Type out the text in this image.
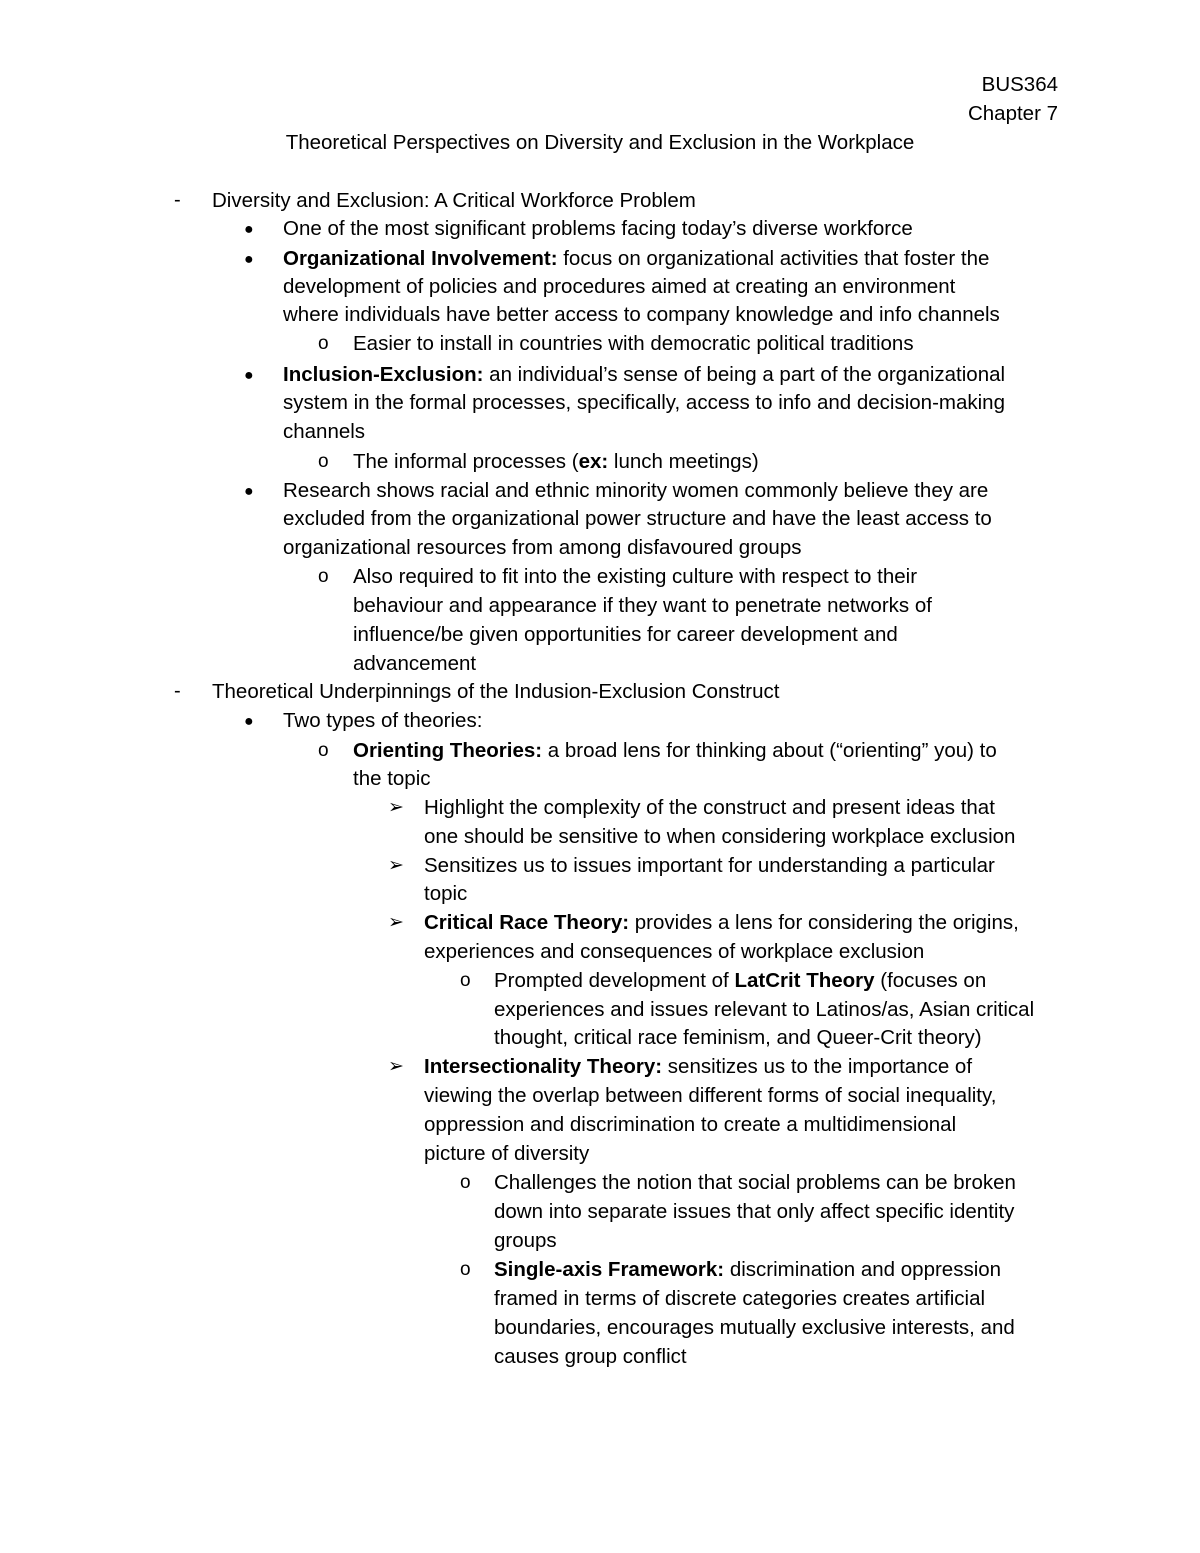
BUS364
Chapter 7
Theoretical Perspectives on Diversity and Exclusion in the Workplace
- Diversity and Exclusion: A Critical Workforce Problem
● One of the most significant problems facing today’s diverse workforce
● Organizational Involvement: focus on organizational activities that foster the
development of policies and procedures aimed at creating an environment
where individuals have better access to company knowledge and info channels
o Easier to install in countries with democratic political traditions
● Inclusion-Exclusion: an individual’s sense of being a part of the organizational
system in the formal processes, specifically, access to info and decision-making
channels
o The informal processes (ex: lunch meetings)
● Research shows racial and ethnic minority women commonly believe they are
excluded from the organizational power structure and have the least access to
organizational resources from among disfavoured groups
o Also required to fit into the existing culture with respect to their
behaviour and appearance if they want to penetrate networks of
influence/be given opportunities for career development and
advancement
- Theoretical Underpinnings of the Indusion-Exclusion Construct
● Two types of theories:
o Orienting Theories: a broad lens for thinking about (“orienting” you) to
the topic
➢ Highlight the complexity of the construct and present ideas that
one should be sensitive to when considering workplace exclusion
➢ Sensitizes us to issues important for understanding a particular
topic
➢ Critical Race Theory: provides a lens for considering the origins,
experiences and consequences of workplace exclusion
o Prompted development of LatCrit Theory (focuses on
experiences and issues relevant to Latinos/as, Asian critical
thought, critical race feminism, and Queer-Crit theory)
➢ Intersectionality Theory: sensitizes us to the importance of
viewing the overlap between different forms of social inequality,
oppression and discrimination to create a multidimensional
picture of diversity
o Challenges the notion that social problems can be broken
down into separate issues that only affect specific identity
groups
o Single-axis Framework: discrimination and oppression
framed in terms of discrete categories creates artificial
boundaries, encourages mutually exclusive interests, and
causes group conflict
